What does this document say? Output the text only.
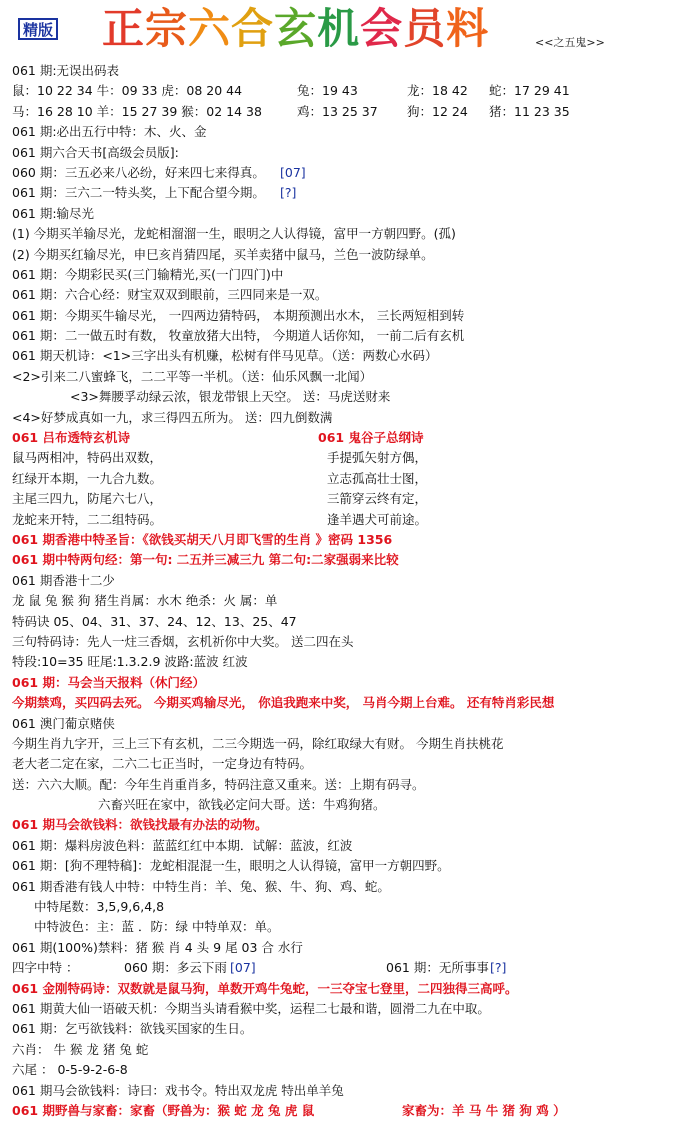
精版 正宗六合玄机会员料	<<之五鬼>>
061 期:无误出码表
鼠：10 22 34 牛：09 33 虎：08 20 44	兔：19 43	龙：18 42 蛇：17 29 41
马：16 28 10 羊：15 27 39 猴：02 14 38	鸡：13 25 37 狗：12 24 猪：11 23 35
061 期:必出五行中特：木、火、金
061 期六合天书[高级会员版]:
060 期：三五必来八必纷，好来四七来得真。 [07]
061 期：三六二一特头奖，上下配合望今期。 [?]
061 期:输尽光
(1) 今期买羊输尽光，龙蛇相溜溜一生，眼明之人认得镜，富甲一方朝四野。(孤)
(2) 今期买红输尽光，申巳亥肖猜四尾，买羊卖猪中鼠马，兰色一波防绿单。
061 期：今期彩民买(三门输精光,买(一门四门)中
061 期：六合心经：财宝双双到眼前，三四同来是一双。
061 期：今期买牛输尽光， 一四两边猜特码， 本期预测出水木， 三长两短相到转
061 期：二一做五时有数， 牧童放猪大出特， 今期道人话你知， 一前二后有玄机
061 期天机诗：<1>三字出头有机赚，松树有伴马见草。（送：两数心水码）
<2>引来二八蜜蜂飞，二二平等一半机。（送：仙乐风飘一北闻）
<3>舞腰孚动绿云浓，银龙带银上天空。 送：马虎送财来
<4>好梦成真如一九，求三得四五所为。 送：四九倒数满
061 吕布透特玄机诗	061 鬼谷子总纲诗
鼠马两相冲，特码出双数，	手提弧矢射方偶，
红绿开本期，一九合九数。	立志孤高壮士图，
主尾三四九，防尾六七八，	三箭穿云终有定，
龙蛇来开特，二二组特码。	逢羊遇犬可前途。
061 期香港中特圣旨：《欲钱买胡天八月即飞雪的生肖 》密码 1356
061 期中特两句经：第一句: 二五并三减三九 第二句:二家强弱来比较
061 期香港十二少
龙 鼠 兔 猴 狗 猪生肖属：水木 绝杀：火 属：单
特码诀 05、04、31、37、24、12、13、25、47
三句特码诗：先人一炷三香烟，玄机祈你中大奖。 送二四在头
特段:10=35 旺尾:1.3.2.9 波路:蓝波 红波
061 期：马会当天报料（休门经）
今期禁鸡，买四码去死。 今期买鸡输尽光， 你追我跑来中奖， 马肖今期上台难。 还有特肖彩民想
061 澳门葡京赌侠
今期生肖九字开，三上三下有玄机，二三今期选一码，除红取绿大有财。 今期生肖扶桃花
老大老二定在家，二六二七正当时，一定身边有特码。
送：六六大顺。配：今年生肖重肖多，特码注意又重来。送：上期有码寻。
六畜兴旺在家中，欲钱必定问大哥。送：牛鸡狗猪。
061 期马会欲钱料：欲钱找最有办法的动物。
061 期：爆料房波色料：蓝蓝红红中本期．试解：蓝波，红波
061 期：[狗不理特稿]：龙蛇相混混一生，眼明之人认得镜，富甲一方朝四野。
061 期香港有钱人中特：中特生肖：羊、兔、猴、牛、狗、鸡、蛇。
中特尾数：3,5,9,6,4,8
中特波色：主：蓝 ．防：绿 中特单双：单。
061 期(100%)禁料：猪 猴 肖 4 头 9 尾 03 合 水行
四字中特 ：	060 期：多云下雨 [07]	061 期：无所事事 [?]
061 金刚特码诗：双数就是鼠马狗，单数开鸡牛兔蛇，一三夺宝七登里，二四独得三高呼。
061 期黄大仙一语破天机：今期当头请看猴中奖，运程二七最和谐，圆滑二九在中取。
061 期：乞丐欲钱料：欲钱买国家的生日。
六肖： 牛 猴 龙 猪 兔 蛇
六尾 ： 0-5-9-2-6-8
061 期马会欲钱料：诗曰：戏书令。特出双龙虎 特出单羊兔
061 期野兽与家畜：家畜（野兽为：猴 蛇 龙 兔 虎 鼠	家畜为：羊 马 牛 猪 狗 鸡 ）
